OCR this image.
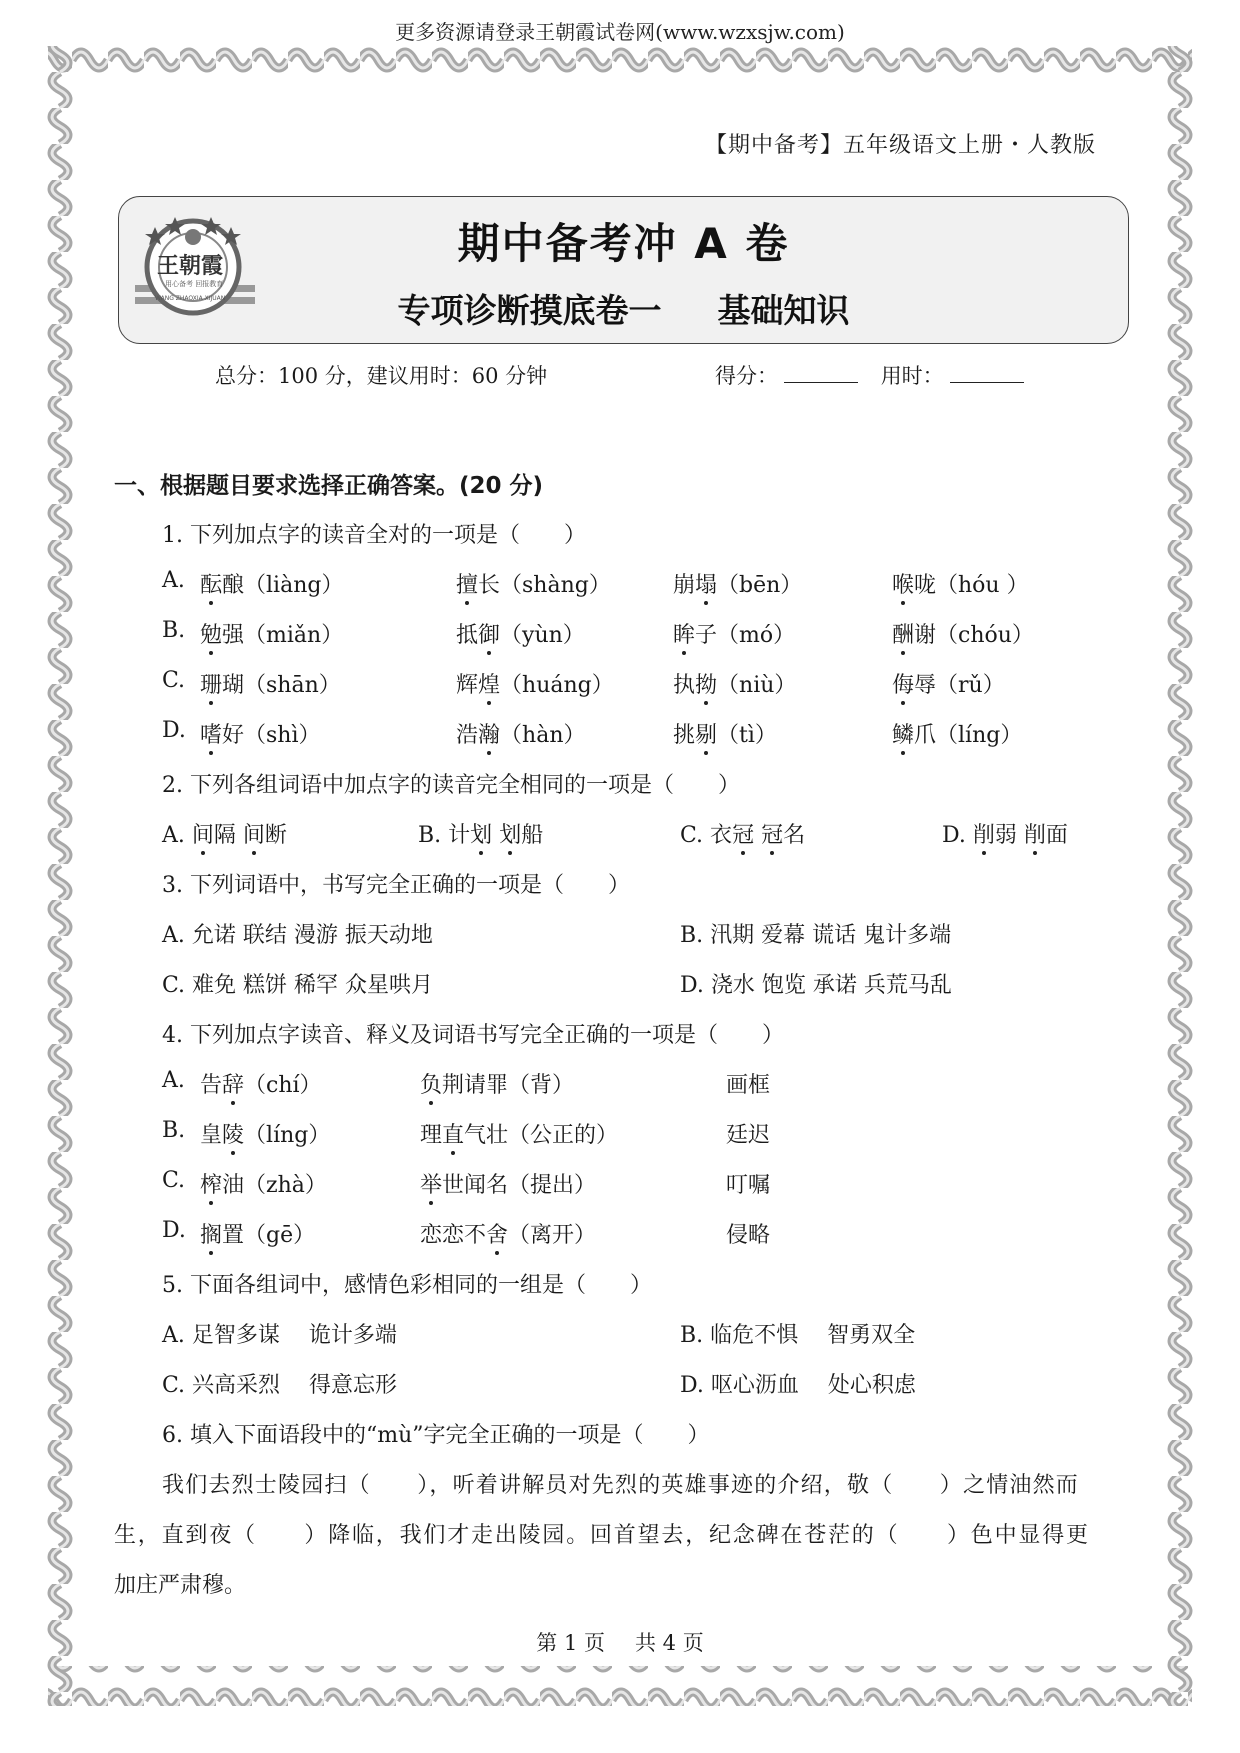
更多资源请登录王朝霞试卷网(www.wzxsjw.com)
【期中备考】五年级语文上册・人教版
王朝霞
用心备考 回报教育
WANG ZHAOXIA XIJUAN
期中备考冲 A 卷
专项诊断摸底卷一 基础知识
总分：100 分，建议用时：60 分钟	得分：	用时：
一、根据题目要求选择正确答案。(20 分)
1. 下列加点字的读音全对的一项是（　　）
A. 酝酿（liàng）	擅长（shàng）	崩塌（bēn）	喉咙（hóu ）
B. 勉强（miǎn）	抵御（yùn）	眸子（mó）	酬谢（chóu）
C. 珊瑚（shān）	辉煌（huáng）	执拗（niù）	侮辱（rǔ）
D. 嗜好（shì）	浩瀚（hàn）	挑剔（tì）	鳞爪（líng）
2. 下列各组词语中加点字的读音完全相同的一项是（　　）
A. 间隔 间断	B. 计划 划船	C. 衣冠 冠名	D. 削弱 削面
3. 下列词语中，书写完全正确的一项是（　　）
A. 允诺 联结 漫游 振天动地	B. 汛期 爱幕 谎话 鬼计多端
C. 难免 糕饼 稀罕 众星哄月	D. 浇水 饱览 承诺 兵荒马乱
4. 下列加点字读音、释义及词语书写完全正确的一项是（　　）
A. 告辞（chí）	负荆请罪（背）	画框
B. 皇陵（líng）	理直气壮（公正的）	廷迟
C. 榨油（zhà）	举世闻名（提出）	叮嘱
D. 搁置（gē）	恋恋不舍（离开）	侵略
5. 下面各组词中，感情色彩相同的一组是（　　）
A. 足智多谋　 诡计多端	B. 临危不惧　 智勇双全
C. 兴高采烈　 得意忘形	D. 呕心沥血　 处心积虑
6. 填入下面语段中的“mù”字完全正确的一项是（　　）
我们去烈士陵园扫（　　），听着讲解员对先烈的英雄事迹的介绍，敬（　　）之情油然而
生，直到夜（　　）降临，我们才走出陵园。回首望去，纪念碑在苍茫的（　　）色中显得更
加庄严肃穆。
第 1 页 共 4 页
